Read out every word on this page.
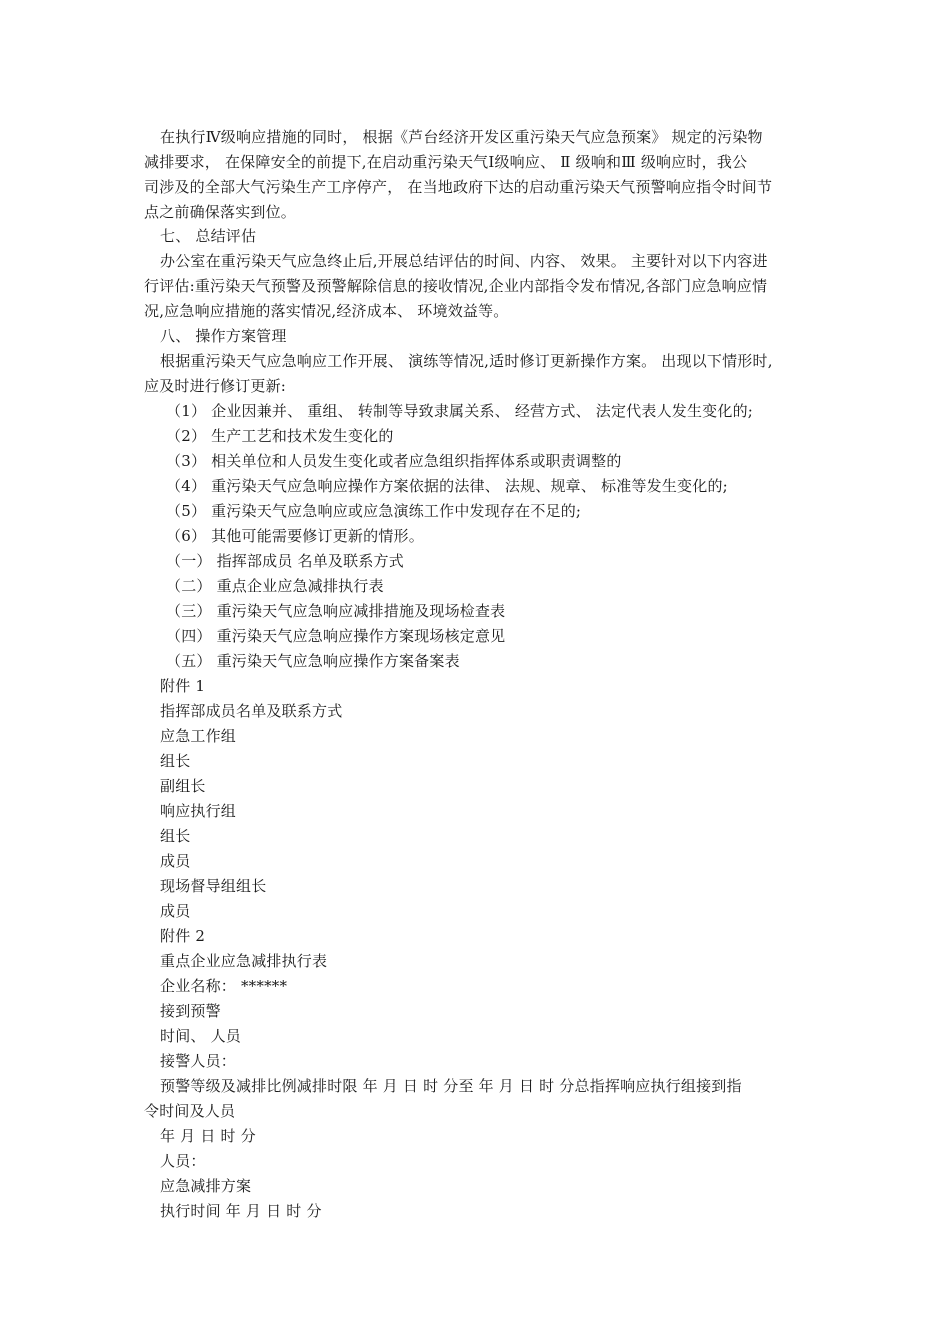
在执行Ⅳ级响应措施的同时， 根据《芦台经济开发区重污染天气应急预案》 规定的污染物
减排要求， 在保障安全的前提下,在启动重污染天气Ⅰ级响应、 Ⅱ 级响和Ⅲ 级响应时，我公
司涉及的全部大气污染生产工序停产， 在当地政府下达的启动重污染天气预警响应指令时间节
点之前确保落实到位。
七、 总结评估
办公室在重污染天气应急终止后,开展总结评估的时间、内容、 效果。 主要针对以下内容进
行评估:重污染天气预警及预警解除信息的接收情况,企业内部指令发布情况,各部门应急响应情
况,应急响应措施的落实情况,经济成本、 环境效益等。
八、 操作方案管理
根据重污染天气应急响应工作开展、 演练等情况,适时修订更新操作方案。 出现以下情形时,
应及时进行修订更新:
（1） 企业因兼并、 重组、 转制等导致隶属关系、 经营方式、 法定代表人发生变化的;
（2） 生产工艺和技术发生变化的
（3） 相关单位和人员发生变化或者应急组织指挥体系或职责调整的
（4） 重污染天气应急响应操作方案依据的法律、 法规、规章、 标准等发生变化的;
（5） 重污染天气应急响应或应急演练工作中发现存在不足的;
（6） 其他可能需要修订更新的情形。
（一） 指挥部成员 名单及联系方式
（二） 重点企业应急减排执行表
（三） 重污染天气应急响应减排措施及现场检查表
（四） 重污染天气应急响应操作方案现场核定意见
（五） 重污染天气应急响应操作方案备案表
附件 1
指挥部成员名单及联系方式
应急工作组
组长
副组长
响应执行组
组长
成员
现场督导组组长
成员
附件 2
重点企业应急减排执行表
企业名称： ******
接到预警
时间、 人员
接警人员：
预警等级及减排比例减排时限 年 月 日 时 分至 年 月 日 时 分总指挥响应执行组接到指
令时间及人员
年 月 日 时 分
人员：
应急减排方案
执行时间 年 月 日 时 分
